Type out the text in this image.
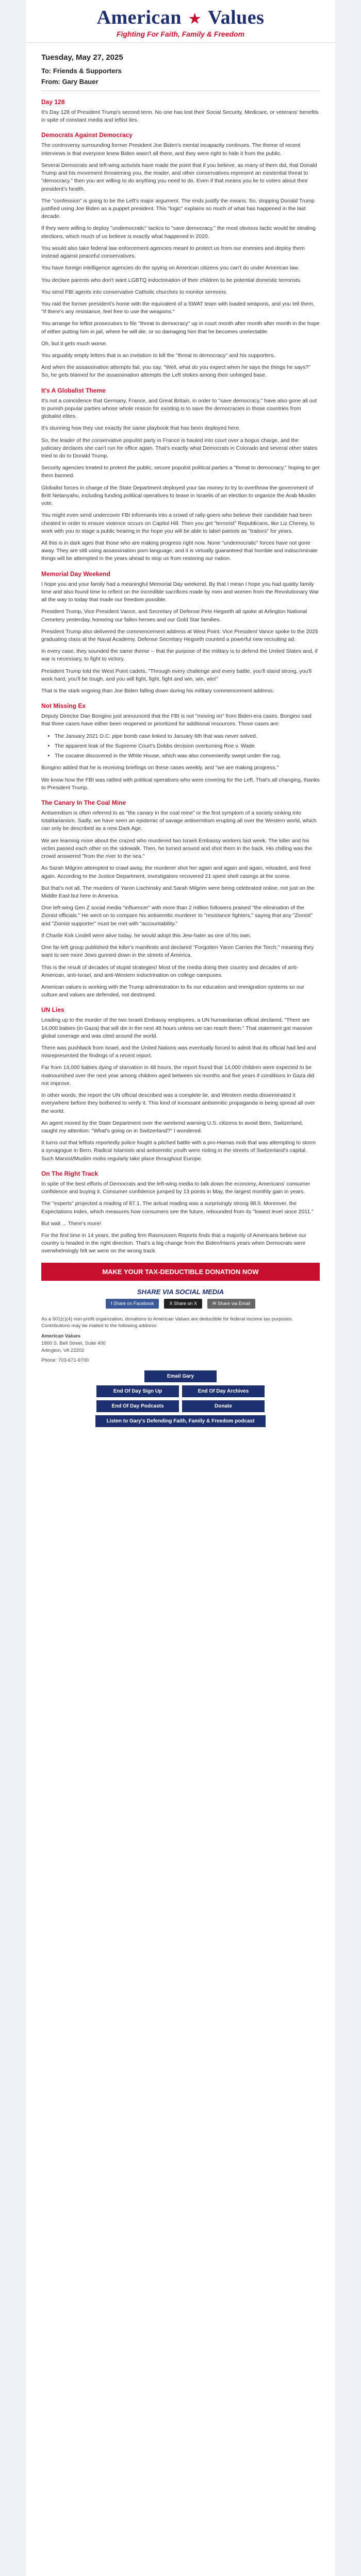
American ★ Values
Fighting For Faith, Family & Freedom
Tuesday, May 27, 2025
To: Friends & Supporters
From: Gary Bauer
Day 128

It's Day 128 of President Trump's second term. No one has lost their Social Security, Medicare, or veterans' benefits in spite of constant media and leftist lies.

Democrats Against Democracy

The controversy surrounding former President Joe Biden's mental incapacity continues. The theme of recent interviews is that everyone knew Biden wasn't all there, and they were right to hide it from the public.

Several Democrats and left-wing activists have made the point that if you believe, as many of them did, that Donald Trump and his movement threatening you, the reader, and other conservatives represent an existential threat to "democracy," then you are willing to do anything you need to do. Even if that means you lie to voters about their president's health.

The "confession" is going to be the Left's major argument. The ends justify the means. So, stopping Donald Trump justified using Joe Biden as a puppet president. This "logic" explains so much of what has happened in the last decade.

If they were willing to deploy "undemocratic" tactics to "save democracy," the most obvious tactic would be stealing elections, which much of us believe is exactly what happened in 2020.

You would also take federal law enforcement agencies meant to protect us from our enemies and deploy them instead against peaceful conservatives.

You have foreign intelligence agencies do the spying on American citizens you can't do under American law.

You declare parents who don't want LGBTQ indoctrination of their children to be potential domestic terrorists.

You send FBI agents into conservative Catholic churches to monitor sermons.

You raid the former president's home with the equivalent of a SWAT team with loaded weapons, and you tell them, "If there's any resistance, feel free to use the weapons."

You arrange for leftist prosecutors to file "threat to democracy" up in court month after month after month in the hope of either putting him in jail, where he will die, or so damaging him that he becomes unelectable.

Oh, but it gets much worse.

You arguably empty letters that is an invitation to kill the "threat to democracy" and his supporters.

And when the assassination attempts fail, you say, "Well, what do you expect when he says the things he says?" So, he gets blamed for the assassination attempts the Left stokes among their unhinged base.

It's A Globalist Theme

It's not a coincidence that Germany, France, and Great Britain, in order to "save democracy," have also gone all out to punish popular parties whose whole reason for existing is to save the democracies in those countries from globalist elites.

It's stunning how they use exactly the same playbook that has been deployed here.

So, the leader of the conservative populist party in France is hauled into court over a bogus charge, and the judiciary declares she can't run for office again. That's exactly what Democrats in Colorado and several other states tried to do to Donald Trump.

Security agencies treated to protect the public, secure populist political parties a "threat to democracy," hoping to get them banned.

Globalist forces in charge of the State Department deployed your tax money to try to overthrow the government of Britt Netanyahu, including funding political operatives to tease in Israelis of an election to organize the Arab Muslim vote.

You might even send undercover FBI informants into a crowd of rally-goers who believe their candidate had been cheated in order to ensure violence occurs on Capitol Hill. Then you get "terrorist" Republicans, like Liz Cheney, to work with you to stage a public hearing in the hope you will be able to label patriots as "traitors" for years.

All this is in dark ages that those who are making progress right now. None "undemocratic" forces have not gone away. They are still using assassination porn language, and it is virtually guaranteed that horrible and indiscriminate things will be attempted in the years ahead to stop us from restoring our nation.

Memorial Day Weekend

I hope you and your family had a meaningful Memorial Day weekend. By that I mean I hope you had quality family time and also found time to reflect on the incredible sacrifices made by men and women from the Revolutionary War all the way to today that made our freedom possible.

President Trump, Vice President Vance, and Secretary of Defense Pete Hegseth all spoke at Arlington National Cemetery yesterday, honoring our fallen heroes and our Gold Star families.

President Trump also delivered the commencement address at West Point. Vice President Vance spoke to the 2025 graduating class at the Naval Academy. Defense Secretary Hegseth counted a powerful new recruiting ad.

In every case, they sounded the same theme -- that the purpose of the military is to defend the United States and, if war is necessary, to fight to victory.

President Trump told the West Point cadets, "Through every challenge and every battle, you'll stand strong, you'll work hard, you'll be tough, and you will fight, fight, fight and win, win, win!"

That is the stark ongoing than Joe Biden falling down during his military commencement address.

Not Missing Ex

Deputy Director Dan Bongino just announced that the FBI is not "moving on" from Biden-era cases. Bongino said that three cases have either been reopened or prioritized for additional resources. Those cases are:

• The January 2021 D.C. pipe bomb case linked to January 6th that was never solved.
• The apparent leak of the Supreme Court's Dobbs decision overturning Roe v. Wade.
• The cocaine discovered in the White House, which was also conveniently swept under the rug.

Bongino added that he is receiving briefings on these cases weekly, and "we are making progress."

We know how the FBI was rattled with political operatives who were covering for the Left. That's all changing, thanks to President Trump.

The Canary In The Coal Mine

Antisemitism is often referred to as "the canary in the coal mine" or the first symptom of a society sinking into totalitarianism. Sadly, we have seen an epidemic of savage antisemitism erupting all over the Western world, which can only be described as a new Dark Age.

We are learning more about the crazed who murdered two Israeli Embassy workers last week. The killer and his victim passed each other on the sidewalk. Then, he turned around and shot them in the back. His chilling was the crowd answered "from the river to the sea."

As Sarah Milgrim attempted to crawl away, the murderer shot her again and again and again, reloaded, and fired again. According to the Justice Department, investigators recovered 21 spent shell casings at the scene.

But that's not all. The murders of Yaron Lischinsky and Sarah Milgrim were being celebrated online, not just on the Middle East but here in America.

One left-wing Gen Z social media "influencer" with more than 2 million followers praised "the elimination of the Zionist officials." He went on to compare his antisemitic murderer to "resistance fighters," saying that any "Zionist" and "Zionist supporter" must be met with "accountability."

If Charlie Kirk Lindell were alive today, he would adopt this Jew-hater as one of his own.

One far-left group published the killer's manifesto and declared "Forgotten Yaron Carries the Torch," meaning they want to see more Jews gunned down in the streets of America.

This is the result of decades of stupid strategies! Most of the media doing their country and decades of anti-American, anti-Israel, and anti-Western indoctrination on college campuses.

American values is working with the Trump administration to fix our education and immigration systems so our culture and values are defended, not destroyed.

UN Lies

Leading up to the murder of the two Israeli Embassy employees, a UN humanitarian official declared, "There are 14,000 babies (in Gaza) that will die in the next 48 hours unless we can reach them." That statement got massive global coverage and was cited around the world.

There was pushback from Israel, and the United Nations was eventually forced to admit that its official had lied and misrepresented the findings of a recent report.

Far from 14,000 babies dying of starvation in 48 hours, the report found that 14,000 children were expected to be malnourished over the next year among children aged between six months and five years if conditions in Gaza did not improve.

In other words, the report the UN official described was a complete lie, and Western media disseminated it everywhere before they bothered to verify it. This kind of incessant antisemitic propaganda is being spread all over the world.

An agent moved by the State Department over the weekend warning U.S. citizens to avoid Bern, Switzerland, caught my attention: "What's going on in Switzerland?" I wondered.

It turns out that leftists reportedly police fought a pitched battle with a pro-Hamas mob that was attempting to storm a synagogue in Bern. Radical Islamists and antisemitic youth were rioting in the streets of Switzerland's capital. Such Marxist/Muslim mobs regularly take place throughout Europe.

On The Right Track

In spite of the best efforts of Democrats and the left-wing media to talk down the economy, Americans' consumer confidence and buying it. Consumer confidence jumped by 13 points in May, the largest monthly gain in years.

The "experts" projected a reading of 87.1. The actual reading was a surprisingly strong 98.0. Moreover, the Expectations Index, which measures how consumers see the future, rebounded from its "lowest level since 2011."

But wait ... There's more!

For the first time in 14 years, the polling firm Rasmussen Reports finds that a majority of Americans believe our country is headed in the right direction. That's a big change from the Biden/Harris years when Democrats were overwhelmingly felt we were on the wrong track.

MAKE YOUR TAX-DEDUCTIBLE DONATION NOW
SHARE VIA SOCIAL MEDIA
f Share on Facebook	X Share on X	✉ Share via Email

As a 501(c)(4) non-profit organization, donations to American Values are deductible for federal income tax purposes. Contributions may be mailed to the following address:

American Values
1800 S. Bell Street, Suite 400
Arlington, VA 22202

Phone: 703-671-9700

Email Gary
End Of Day Sign Up	End Of Day Archives
End Of Day Podcasts	Donate
Listen to Gary's Defending Faith, Family & Freedom podcast
